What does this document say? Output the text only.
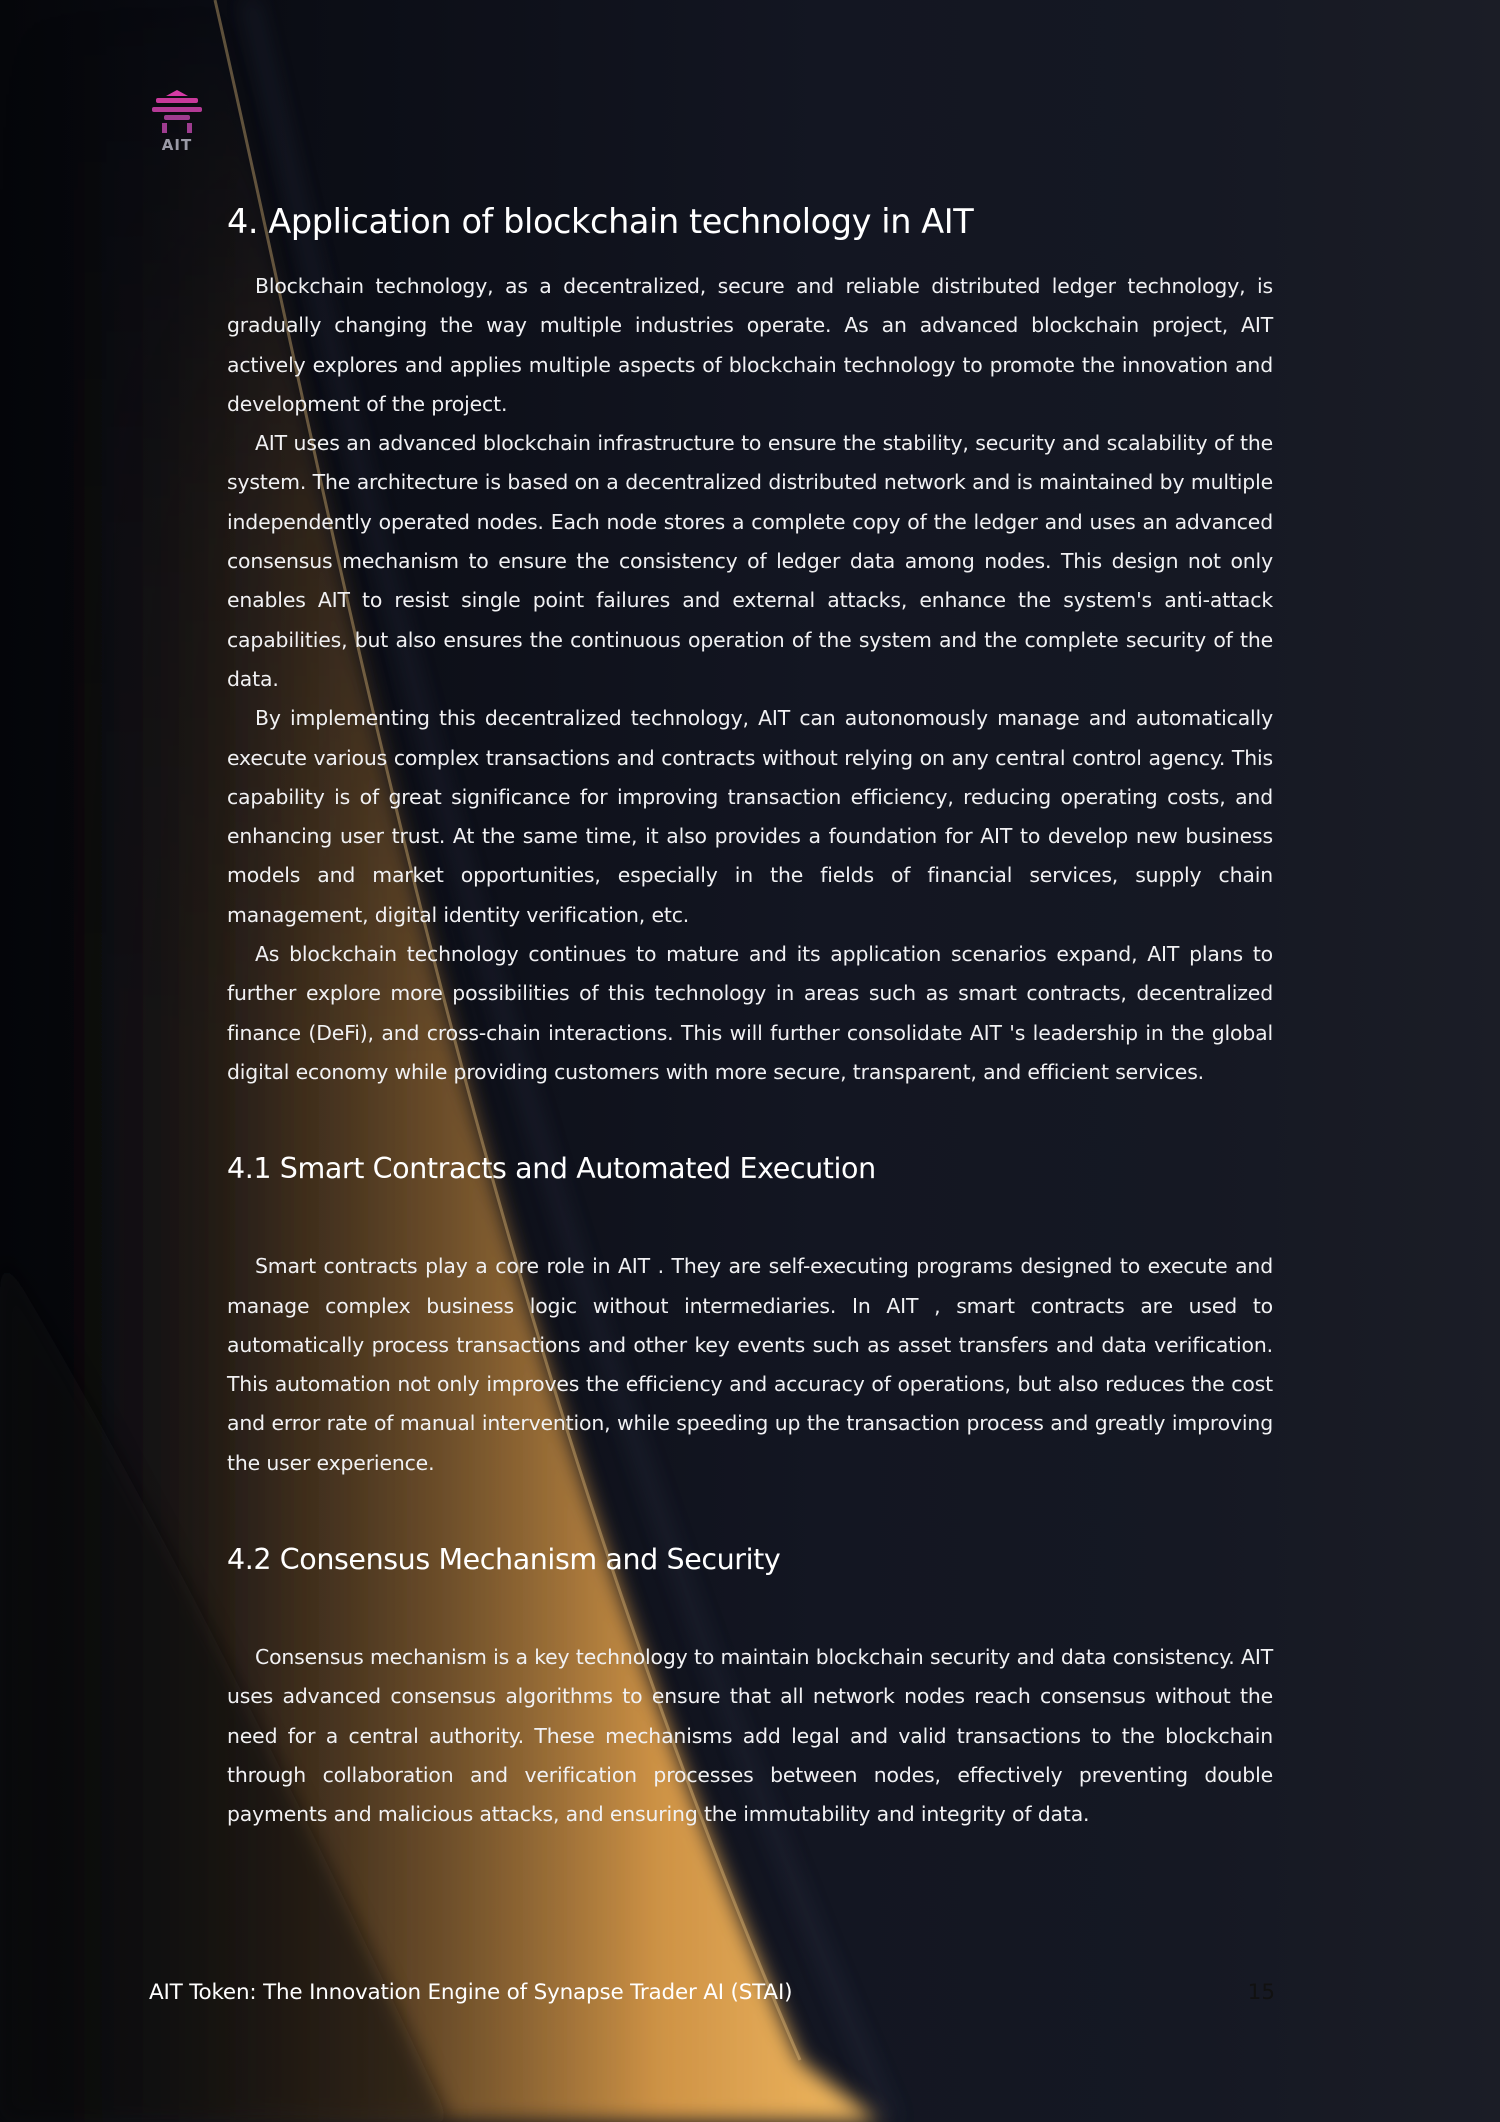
AIT
4. Application of blockchain technology in AIT

Blockchain technology, as a decentralized, secure and reliable distributed ledger technology, is gradually changing the way multiple industries operate. As an advanced blockchain project, AIT actively explores and applies multiple aspects of blockchain technology to promote the innovation and development of the project.

AIT uses an advanced blockchain infrastructure to ensure the stability, security and scalability of the system. The architecture is based on a decentralized distributed network and is maintained by multiple independently operated nodes. Each node stores a complete copy of the ledger and uses an advanced consensus mechanism to ensure the consistency of ledger data among nodes. This design not only enables AIT to resist single point failures and external attacks, enhance the system's anti-attack capabilities, but also ensures the continuous operation of the system and the complete security of the data.

By implementing this decentralized technology, AIT can autonomously manage and automatically execute various complex transactions and contracts without relying on any central control agency. This capability is of great significance for improving transaction efficiency, reducing operating costs, and enhancing user trust. At the same time, it also provides a foundation for AIT to develop new business models and market opportunities, especially in the fields of financial services, supply chain management, digital identity verification, etc.

As blockchain technology continues to mature and its application scenarios expand, AIT plans to further explore more possibilities of this technology in areas such as smart contracts, decentralized finance (DeFi), and cross-chain interactions. This will further consolidate AIT 's leadership in the global digital economy while providing customers with more secure, transparent, and efficient services.

4.1 Smart Contracts and Automated Execution

Smart contracts play a core role in AIT . They are self-executing programs designed to execute and manage complex business logic without intermediaries. In AIT , smart contracts are used to automatically process transactions and other key events such as asset transfers and data verification. This automation not only improves the efficiency and accuracy of operations, but also reduces the cost and error rate of manual intervention, while speeding up the transaction process and greatly improving the user experience.

4.2 Consensus Mechanism and Security

Consensus mechanism is a key technology to maintain blockchain security and data consistency. AIT uses advanced consensus algorithms to ensure that all network nodes reach consensus without the need for a central authority. These mechanisms add legal and valid transactions to the blockchain through collaboration and verification processes between nodes, effectively preventing double payments and malicious attacks, and ensuring the immutability and integrity of data.

AIT Token: The Innovation Engine of Synapse Trader AI (STAI)	15
